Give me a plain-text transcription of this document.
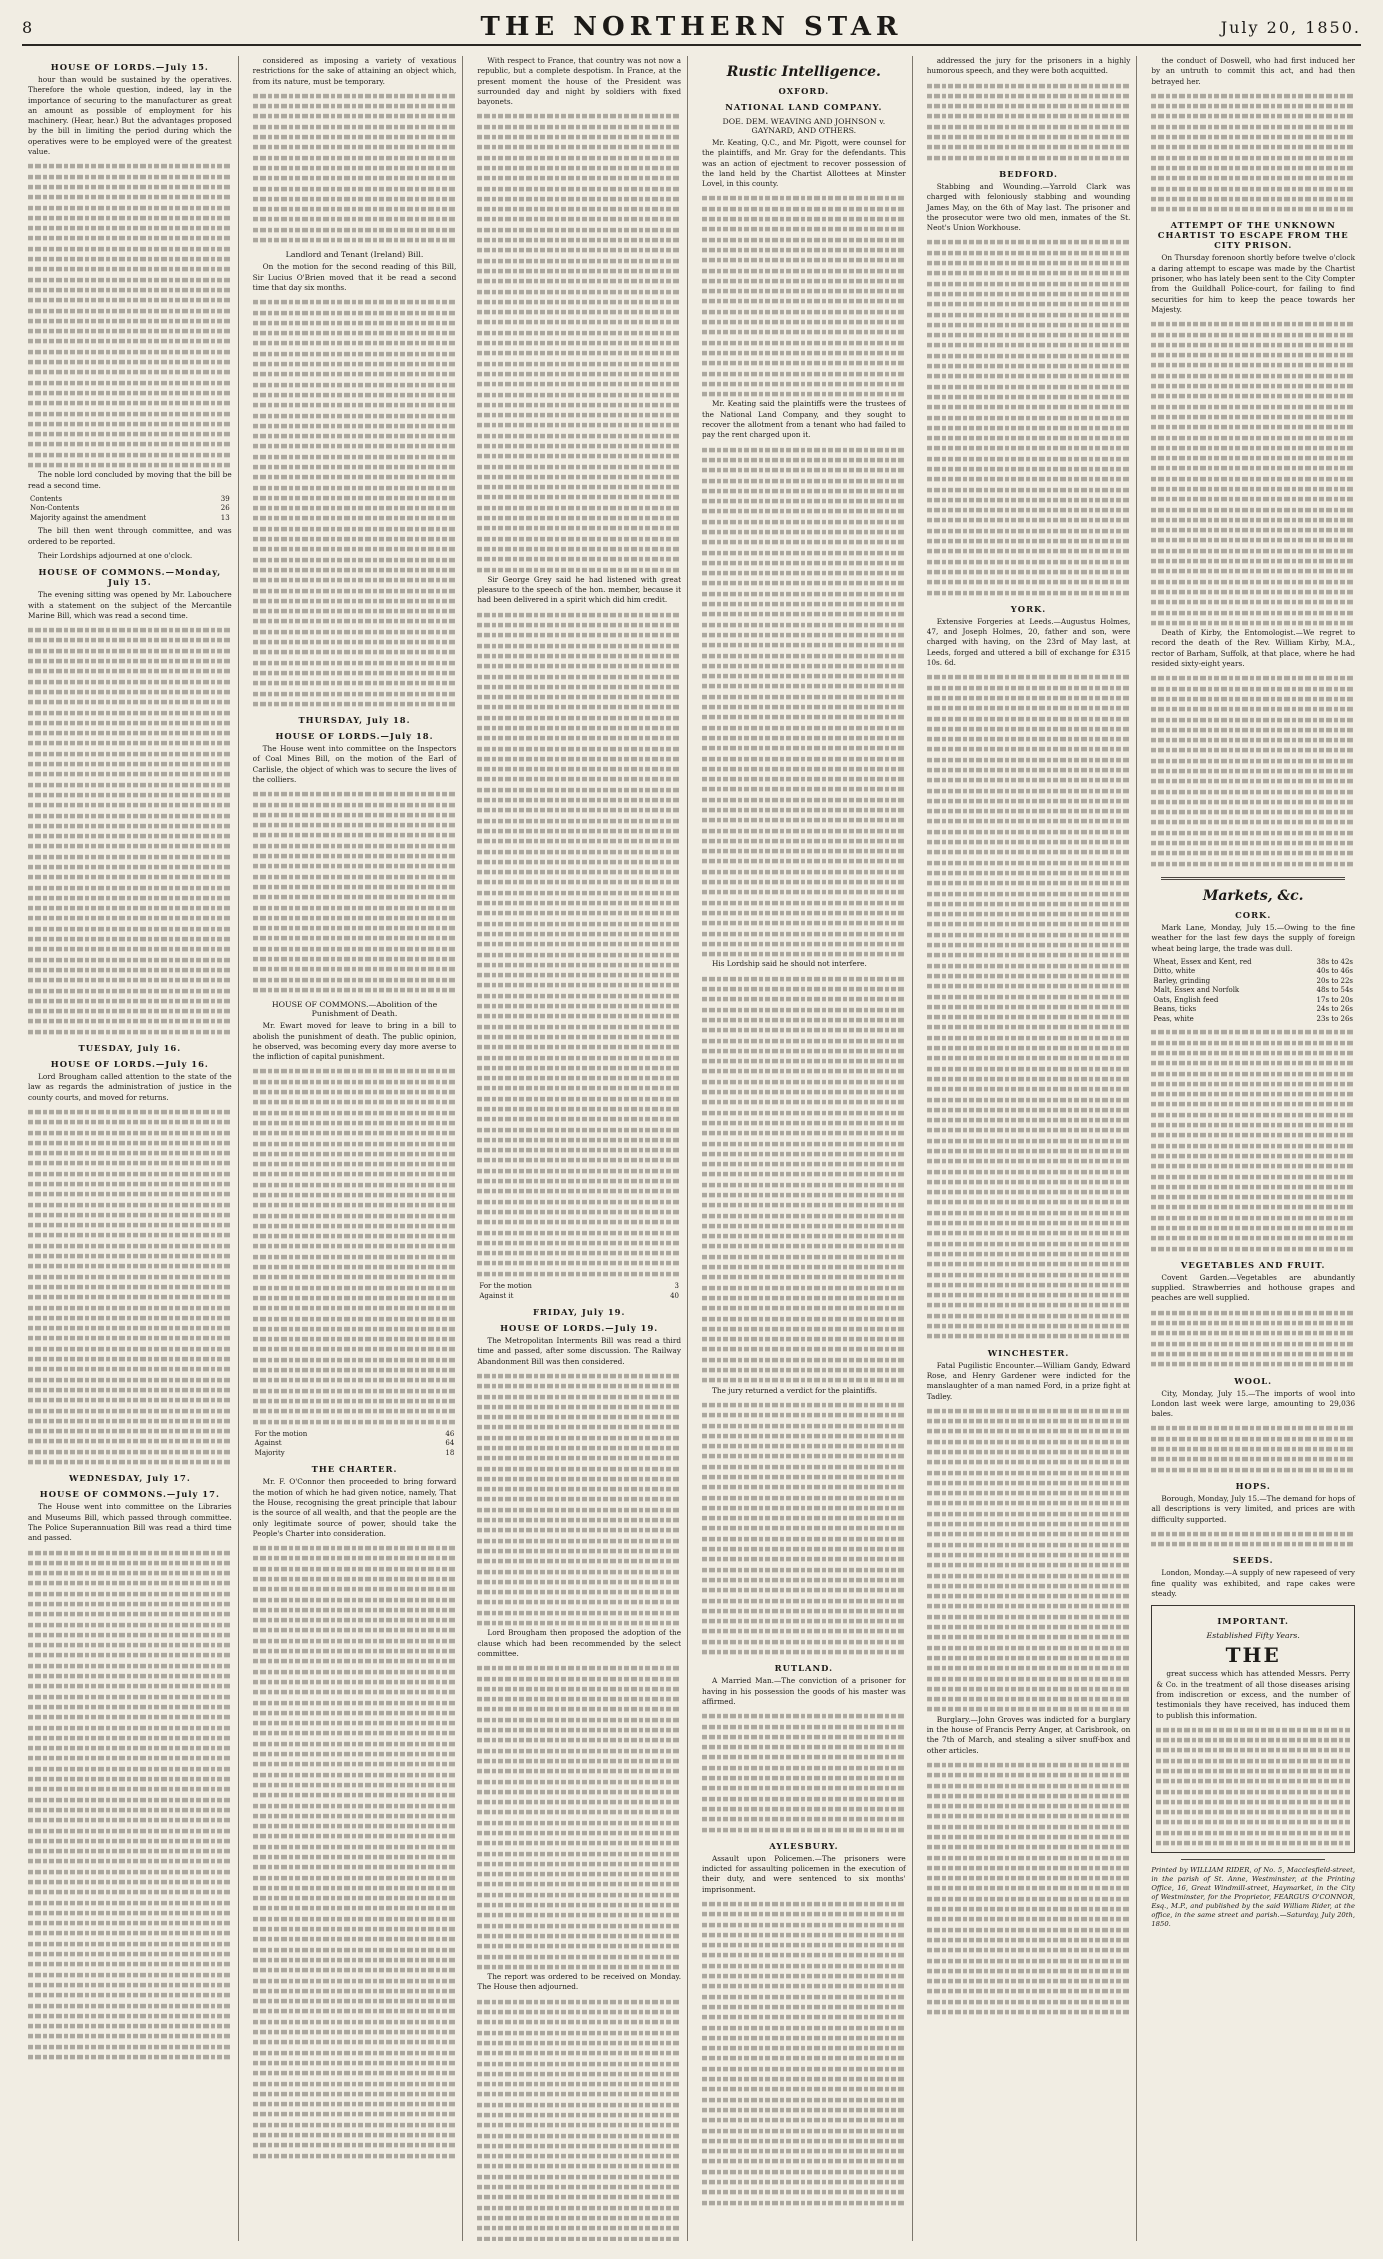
8	THE NORTHERN STAR	July 20, 1850.
HOUSE OF LORDS.—July 15.

hour than would be sustained by the operatives. Therefore the whole question, indeed, lay in the importance of securing to the manufacturer as great an amount as possible of employment for his machinery. (Hear, hear.) But the advantages proposed by the bill in limiting the period during which the operatives were to be employed were of the greatest value.

The noble lord concluded by moving that the bill be read a second time.

Contents	39
Non-Contents	26
Majority against the amendment	13

The bill then went through committee, and was ordered to be reported.

Their Lordships adjourned at one o'clock.

HOUSE OF COMMONS.—Monday, July 15.

The evening sitting was opened by Mr. Labouchere with a statement on the subject of the Mercantile Marine Bill, which was read a second time.

TUESDAY, July 16.
HOUSE OF LORDS.—July 16.

Lord Brougham called attention to the state of the law as regards the administration of justice in the county courts, and moved for returns.

WEDNESDAY, July 17.
HOUSE OF COMMONS.—July 17.

The House went into committee on the Libraries and Museums Bill, which passed through committee. The Police Superannuation Bill was read a third time and passed.

considered as imposing a variety of vexatious restrictions for the sake of attaining an object which, from its nature, must be temporary.

Landlord and Tenant (Ireland) Bill.

On the motion for the second reading of this Bill, Sir Lucius O'Brien moved that it be read a second time that day six months.

THURSDAY, July 18.
HOUSE OF LORDS.—July 18.

The House went into committee on the Inspectors of Coal Mines Bill, on the motion of the Earl of Carlisle, the object of which was to secure the lives of the colliers.

HOUSE OF COMMONS.—Abolition of the Punishment of Death.

Mr. Ewart moved for leave to bring in a bill to abolish the punishment of death. The public opinion, he observed, was becoming every day more averse to the infliction of capital punishment.

For the motion	46
Against	64
Majority	18
THE CHARTER.

Mr. F. O'Connor then proceeded to bring forward the motion of which he had given notice, namely, That the House, recognising the great principle that labour is the source of all wealth, and that the people are the only legitimate source of power, should take the People's Charter into consideration.

With respect to France, that country was not now a republic, but a complete despotism. In France, at the present moment the house of the President was surrounded day and night by soldiers with fixed bayonets.

Sir George Grey said he had listened with great pleasure to the speech of the hon. member, because it had been delivered in a spirit which did him credit.

For the motion	3
Against it	40
FRIDAY, July 19.
HOUSE OF LORDS.—July 19.

The Metropolitan Interments Bill was read a third time and passed, after some discussion. The Railway Abandonment Bill was then considered.

Lord Brougham then proposed the adoption of the clause which had been recommended by the select committee.

The report was ordered to be received on Monday. The House then adjourned.

Rustic Intelligence.
OXFORD.
NATIONAL LAND COMPANY.
DOE. DEM. WEAVING AND JOHNSON v. GAYNARD, AND OTHERS.

Mr. Keating, Q.C., and Mr. Pigott, were counsel for the plaintiffs, and Mr. Gray for the defendants. This was an action of ejectment to recover possession of the land held by the Chartist Allottees at Minster Lovel, in this county.

Mr. Keating said the plaintiffs were the trustees of the National Land Company, and they sought to recover the allotment from a tenant who had failed to pay the rent charged upon it.

His Lordship said he should not interfere.

The jury returned a verdict for the plaintiffs.

RUTLAND.

A Married Man.—The conviction of a prisoner for having in his possession the goods of his master was affirmed.

AYLESBURY.

Assault upon Policemen.—The prisoners were indicted for assaulting policemen in the execution of their duty, and were sentenced to six months' imprisonment.

addressed the jury for the prisoners in a highly humorous speech, and they were both acquitted.

BEDFORD.

Stabbing and Wounding.—Yarrold Clark was charged with feloniously stabbing and wounding James May, on the 6th of May last. The prisoner and the prosecutor were two old men, inmates of the St. Neot's Union Workhouse.

YORK.

Extensive Forgeries at Leeds.—Augustus Holmes, 47, and Joseph Holmes, 20, father and son, were charged with having, on the 23rd of May last, at Leeds, forged and uttered a bill of exchange for £315 10s. 6d.

WINCHESTER.

Fatal Pugilistic Encounter.—William Gandy, Edward Rose, and Henry Gardener were indicted for the manslaughter of a man named Ford, in a prize fight at Tadley.

Burglary.—John Groves was indicted for a burglary in the house of Francis Perry Anger, at Carisbrook, on the 7th of March, and stealing a silver snuff-box and other articles.

the conduct of Doswell, who had first induced her by an untruth to commit this act, and had then betrayed her.

ATTEMPT OF THE UNKNOWN CHARTIST TO ESCAPE FROM THE CITY PRISON.

On Thursday forenoon shortly before twelve o'clock a daring attempt to escape was made by the Chartist prisoner, who has lately been sent to the City Compter from the Guildhall Police-court, for failing to find securities for him to keep the peace towards her Majesty.

Death of Kirby, the Entomologist.—We regret to record the death of the Rev. William Kirby, M.A., rector of Barham, Suffolk, at that place, where he had resided sixty-eight years.

Markets, &c.
CORK.

Mark Lane, Monday, July 15.—Owing to the fine weather for the last few days the supply of foreign wheat being large, the trade was dull.

Wheat, Essex and Kent, red	38s to 42s
Ditto, white	40s to 46s
Barley, grinding	20s to 22s
Malt, Essex and Norfolk	48s to 54s
Oats, English feed	17s to 20s
Beans, ticks	24s to 26s
Peas, white	23s to 26s
VEGETABLES AND FRUIT.

Covent Garden.—Vegetables are abundantly supplied. Strawberries and hothouse grapes and peaches are well supplied.

WOOL.

City, Monday, July 15.—The imports of wool into London last week were large, amounting to 29,036 bales.

HOPS.

Borough, Monday, July 15.—The demand for hops of all descriptions is very limited, and prices are with difficulty supported.

SEEDS.

London, Monday.—A supply of new rapeseed of very fine quality was exhibited, and rape cakes were steady.

IMPORTANT.
Established Fifty Years.
THE

great success which has attended Messrs. Perry & Co. in the treatment of all those diseases arising from indiscretion or excess, and the number of testimonials they have received, has induced them to publish this information.

Printed by WILLIAM RIDER, of No. 5, Macclesfield-street, in the parish of St. Anne, Westminster, at the Printing Office, 16, Great Windmill-street, Haymarket, in the City of Westminster, for the Proprietor, FEARGUS O'CONNOR, Esq., M.P., and published by the said William Rider, at the office, in the same street and parish.—Saturday, July 20th, 1850.
